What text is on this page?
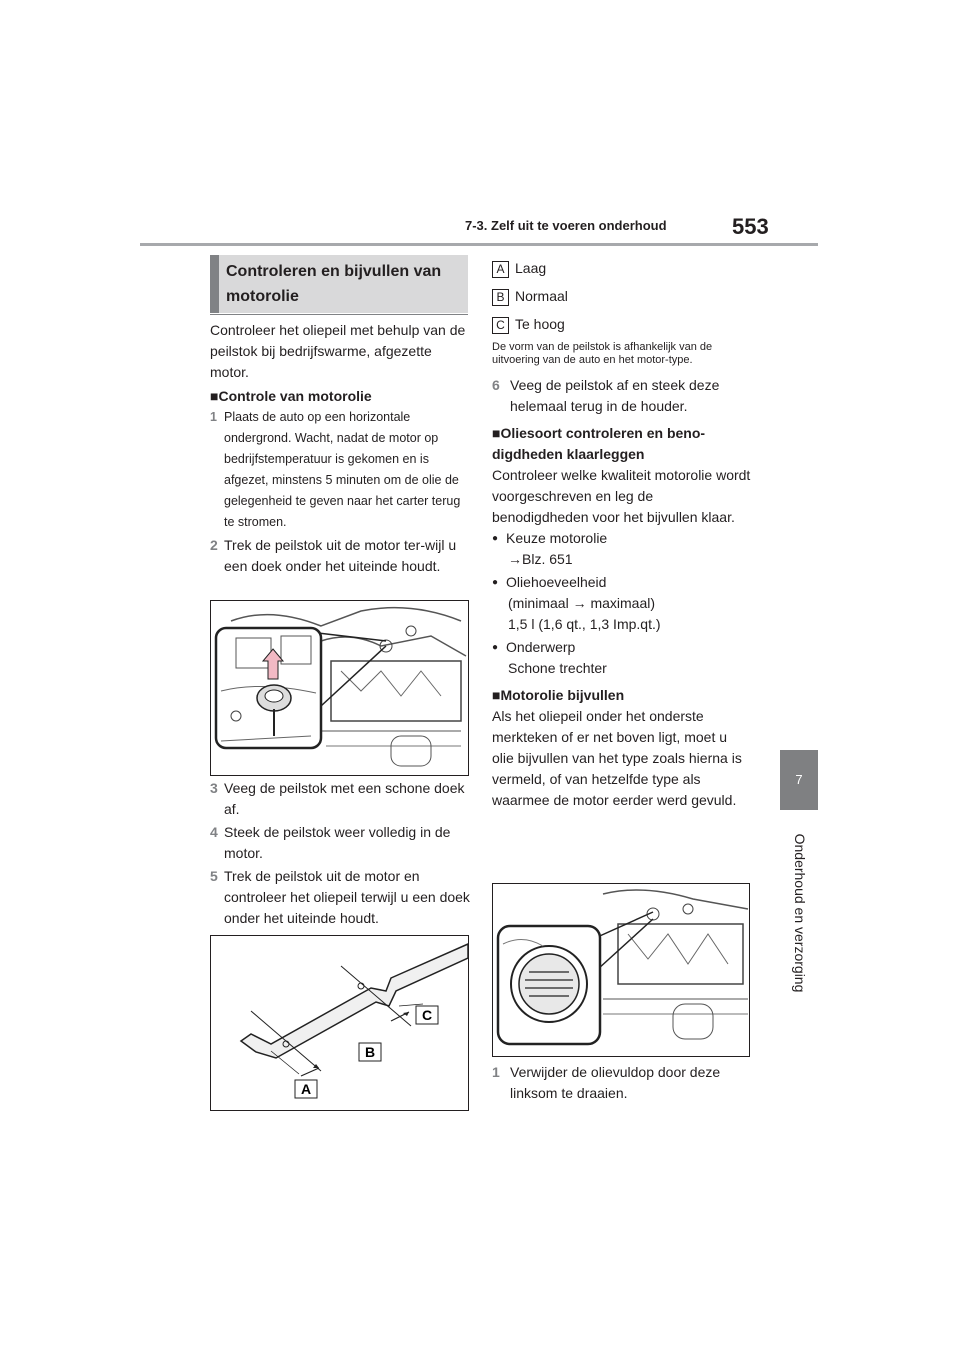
7-3. Zelf uit te voeren onderhoud	553
7
Onderhoud en verzorging
Controleren en bijvullen van motorolie

Controleer het oliepeil met behulp van de peilstok bij bedrijfswarme, afgezette motor.

■Controle van motorolie

1 Plaats de auto op een horizontale ondergrond. Wacht, nadat de motor op bedrijfstemperatuur is gekomen en is afgezet, minstens 5 minuten om de olie de gelegenheid te geven naar het carter terug te stromen.
2 Trek de peilstok uit de motor ter-wijl u een doek onder het uiteinde houdt.
3 Veeg de peilstok met een schone doek af.
4 Steek de peilstok weer volledig in de motor.
5 Trek de peilstok uit de motor en controleer het oliepeil terwijl u een doek onder het uiteinde houdt.
C
B
A

A Laag

B Normaal

C Te hoog

De vorm van de peilstok is afhankelijk van de uitvoering van de auto en het motor-type.

6 Veeg de peilstok af en steek deze helemaal terug in de houder.

■Oliesoort controleren en beno-digdheden klaarleggen

Controleer welke kwaliteit motorolie wordt voorgeschreven en leg de benodigdheden voor het bijvullen klaar.

● Keuze motorolie

→Blz. 651

● Oliehoeveelheid

(minimaal → maximaal)

1,5 l (1,6 qt., 1,3 Imp.qt.)

● Onderwerp

Schone trechter

■Motorolie bijvullen

Als het oliepeil onder het onderste merkteken of er net boven ligt, moet u olie bijvullen van het type zoals hierna is vermeld, of van hetzelfde type als waarmee de motor eerder werd gevuld.

1 Verwijder de olievuldop door deze linksom te draaien.
